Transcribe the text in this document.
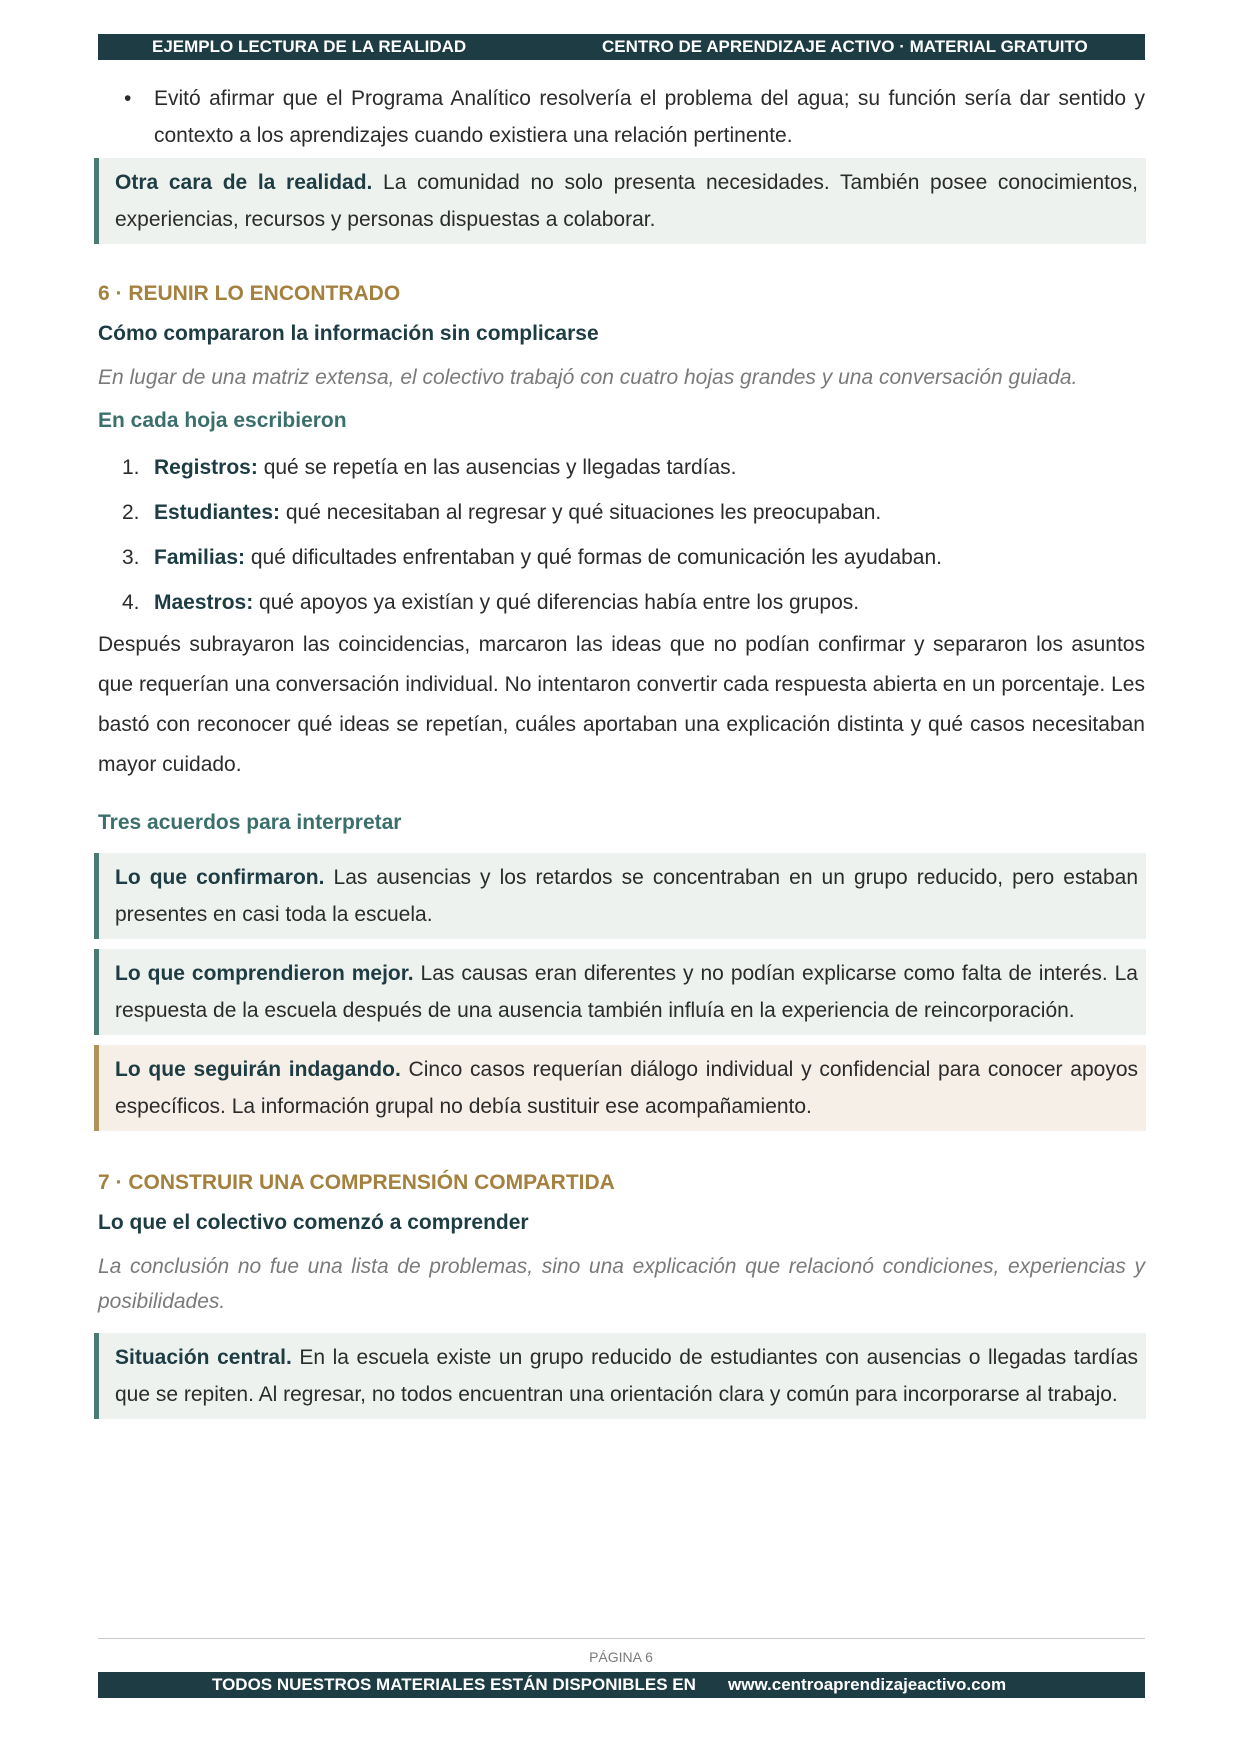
EJEMPLO LECTURA DE LA REALIDAD	CENTRO DE APRENDIZAJE ACTIVO · MATERIAL GRATUITO
• Evitó afirmar que el Programa Analítico resolvería el problema del agua; su función sería dar sentido y contexto a los aprendizajes cuando existiera una relación pertinente.
Otra cara de la realidad. La comunidad no solo presenta necesidades. También posee conocimientos, experiencias, recursos y personas dispuestas a colaborar.
6 · REUNIR LO ENCONTRADO
Cómo compararon la información sin complicarse
En lugar de una matriz extensa, el colectivo trabajó con cuatro hojas grandes y una conversación guiada.
En cada hoja escribieron
1. Registros: qué se repetía en las ausencias y llegadas tardías.
2. Estudiantes: qué necesitaban al regresar y qué situaciones les preocupaban.
3. Familias: qué dificultades enfrentaban y qué formas de comunicación les ayudaban.
4. Maestros: qué apoyos ya existían y qué diferencias había entre los grupos.

Después subrayaron las coincidencias, marcaron las ideas que no podían confirmar y separaron los asuntos que requerían una conversación individual. No intentaron convertir cada respuesta abierta en un porcentaje. Les bastó con reconocer qué ideas se repetían, cuáles aportaban una explicación distinta y qué casos necesitaban mayor cuidado.

Tres acuerdos para interpretar
Lo que confirmaron. Las ausencias y los retardos se concentraban en un grupo reducido, pero estaban presentes en casi toda la escuela.
Lo que comprendieron mejor. Las causas eran diferentes y no podían explicarse como falta de interés. La respuesta de la escuela después de una ausencia también influía en la experiencia de reincorporación.
Lo que seguirán indagando. Cinco casos requerían diálogo individual y confidencial para conocer apoyos específicos. La información grupal no debía sustituir ese acompañamiento.
7 · CONSTRUIR UNA COMPRENSIÓN COMPARTIDA
Lo que el colectivo comenzó a comprender
La conclusión no fue una lista de problemas, sino una explicación que relacionó condiciones, experiencias y posibilidades.
Situación central. En la escuela existe un grupo reducido de estudiantes con ausencias o llegadas tardías que se repiten. Al regresar, no todos encuentran una orientación clara y común para incorporarse al trabajo.
PÁGINA 6
TODOS NUESTROS MATERIALES ESTÁN DISPONIBLES EN www.centroaprendizajeactivo.com
